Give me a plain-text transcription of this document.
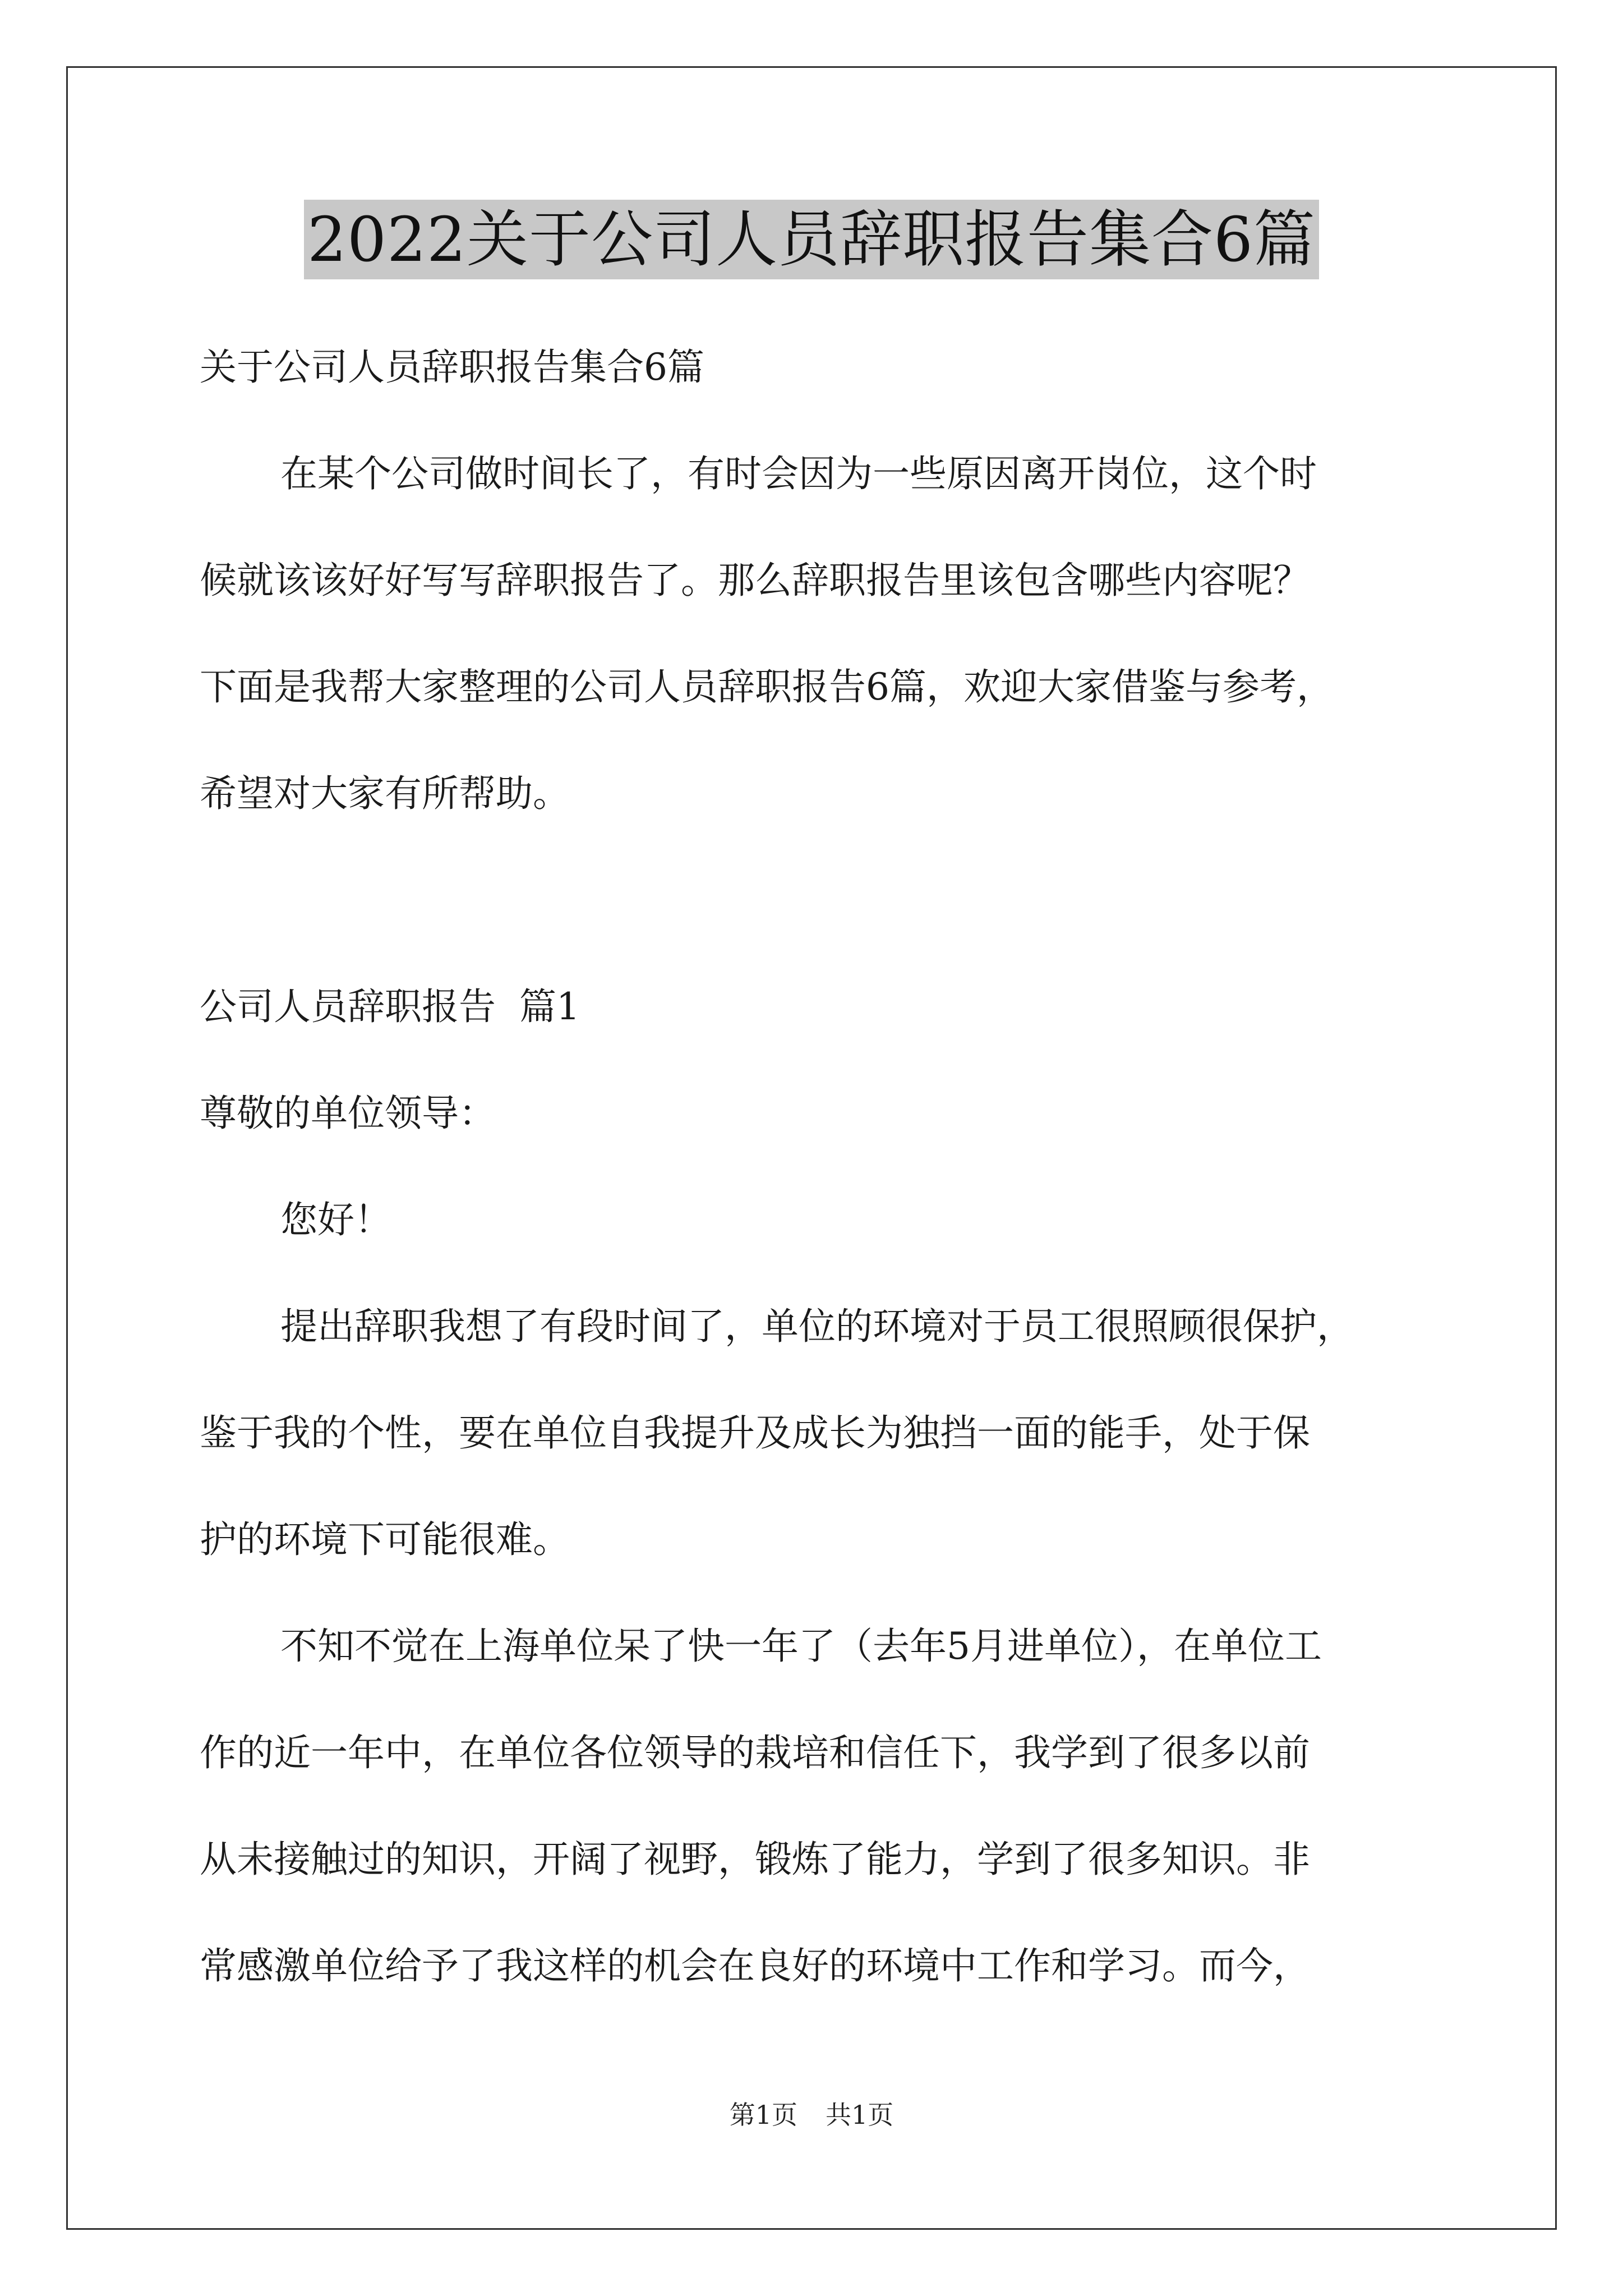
2022关于公司人员辞职报告集合6篇
关于公司人员辞职报告集合6篇
在某个公司做时间长了，有时会因为一些原因离开岗位，这个时
候就该该好好写写辞职报告了。那么辞职报告里该包含哪些内容呢？
下面是我帮大家整理的公司人员辞职报告6篇，欢迎大家借鉴与参考，
希望对大家有所帮助。
公司人员辞职报告  篇1
尊敬的单位领导：
您好！
提出辞职我想了有段时间了，单位的环境对于员工很照顾很保护，
鉴于我的个性，要在单位自我提升及成长为独挡一面的能手，处于保
护的环境下可能很难。
不知不觉在上海单位呆了快一年了（去年5月进单位），在单位工
作的近一年中，在单位各位领导的栽培和信任下，我学到了很多以前
从未接触过的知识，开阔了视野，锻炼了能力，学到了很多知识。非
常感激单位给予了我这样的机会在良好的环境中工作和学习。而今，
第1页 共1页
